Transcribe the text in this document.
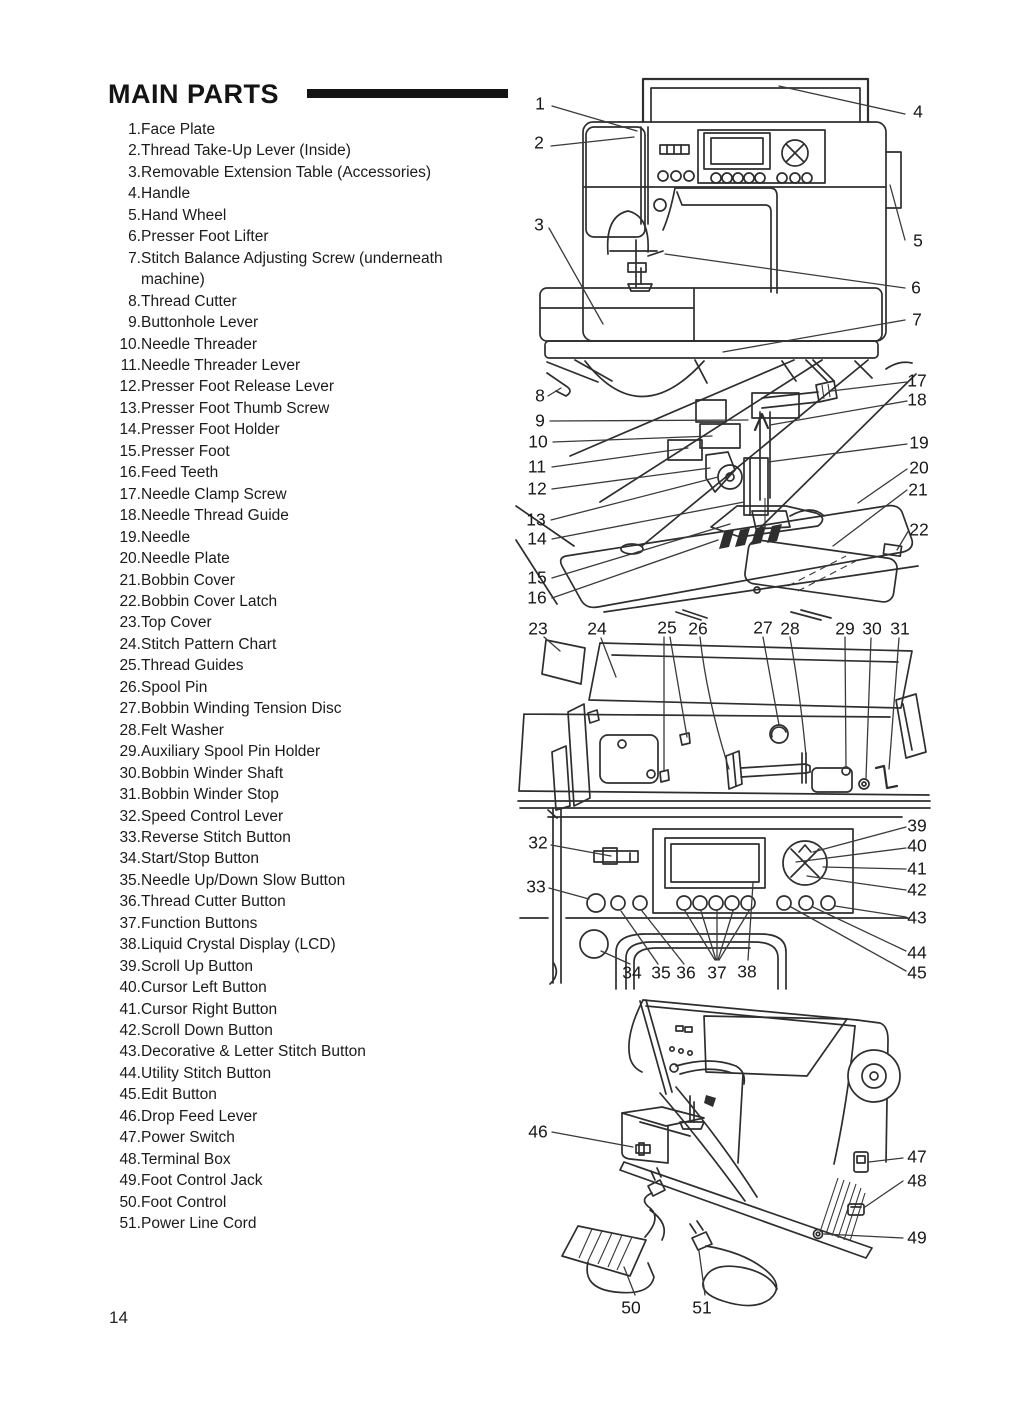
MAIN PARTS
1. Face Plate
2. Thread Take-Up Lever (Inside)
3. Removable Extension Table (Accessories)
4. Handle
5. Hand Wheel
6. Presser Foot Lifter
7. Stitch Balance Adjusting Screw (underneath machine)
8. Thread Cutter
9. Buttonhole Lever
10. Needle Threader
11. Needle Threader Lever
12. Presser Foot Release Lever
13. Presser Foot Thumb Screw
14. Presser Foot Holder
15. Presser Foot
16. Feed Teeth
17. Needle Clamp Screw
18. Needle Thread Guide
19. Needle
20. Needle Plate
21. Bobbin Cover
22. Bobbin Cover Latch
23. Top Cover
24. Stitch Pattern Chart
25. Thread Guides
26. Spool Pin
27. Bobbin Winding Tension Disc
28. Felt Washer
29. Auxiliary Spool Pin Holder
30. Bobbin Winder Shaft
31. Bobbin Winder Stop
32. Speed Control Lever
33. Reverse Stitch Button
34. Start/Stop Button
35. Needle Up/Down Slow Button
36. Thread Cutter Button
37. Function Buttons
38. Liquid Crystal Display (LCD)
39. Scroll Up Button
40. Cursor Left Button
41. Cursor Right Button
42. Scroll Down Button
43. Decorative & Letter Stitch Button
44. Utility Stitch Button
45. Edit Button
46. Drop Feed Lever
47. Power Switch
48. Terminal Box
49. Foot Control Jack
50. Foot Control
51. Power Line Cord
14
1
2
3
4
5
6
7
8
9
10
11
12
13
14
15
16
17
18
19
20
21
22
23 24	25 26	27 28 29 30 31
32
33
34 35 36 37 38
39
40
41
42
43
44
45
46
47
48
49
50	51
